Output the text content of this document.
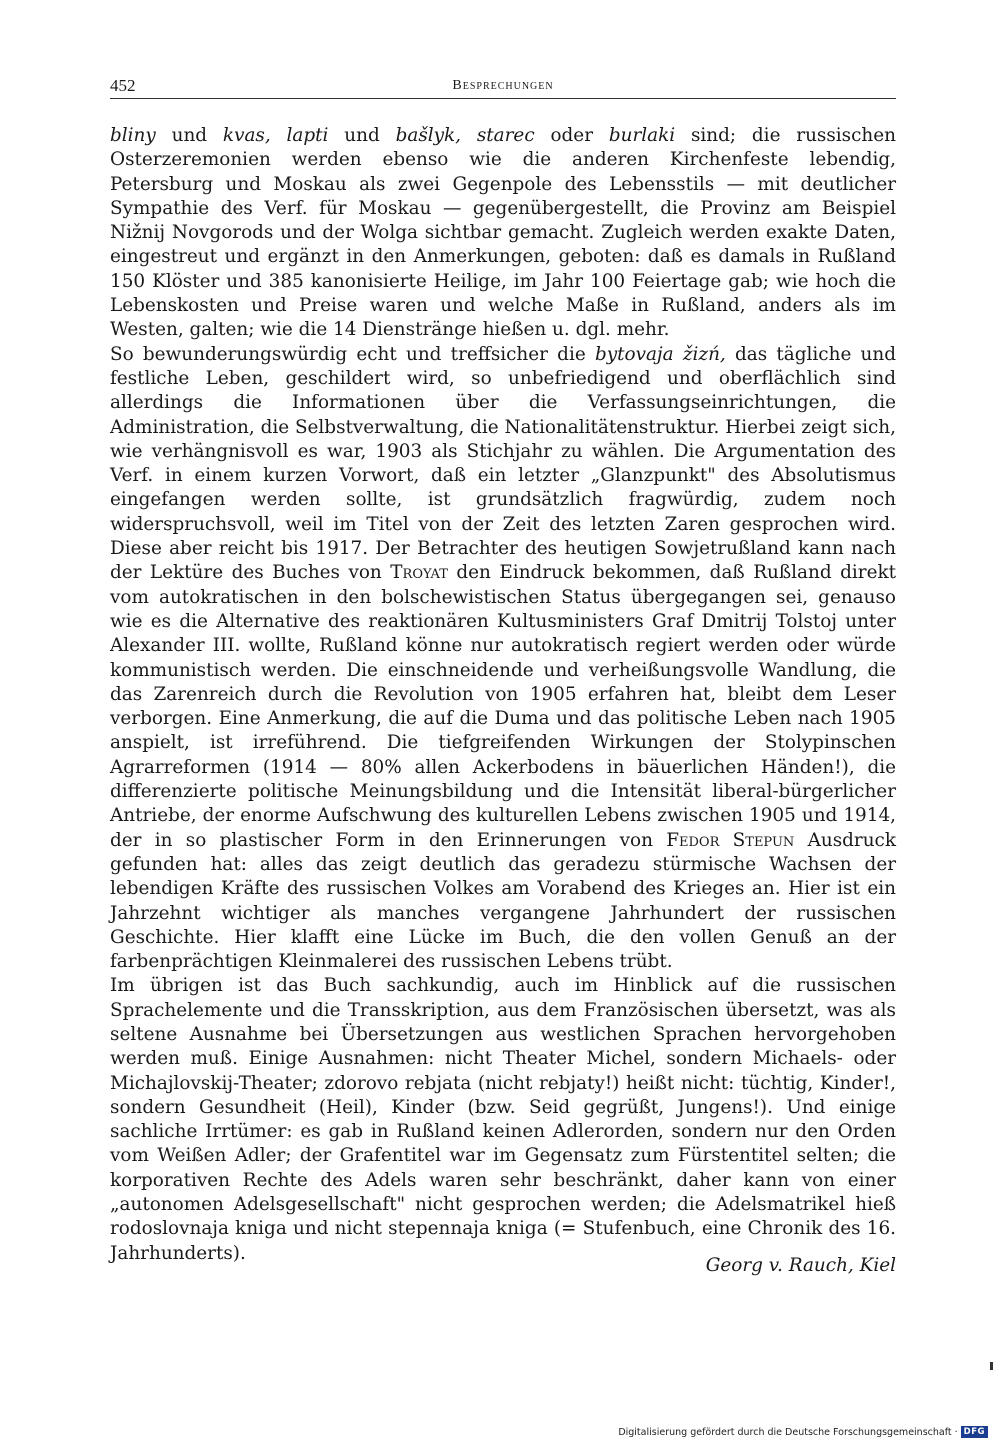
452	Besprechungen

bliny und kvas, lapti und bašlyk, starec oder burlaki sind; die russischen Osterzeremonien werden ebenso wie die anderen Kirchenfeste lebendig, Petersburg und Moskau als zwei Gegenpole des Lebensstils — mit deutlicher Sympathie des Verf. für Moskau — gegenübergestellt, die Provinz am Beispiel Nižnij Novgorods und der Wolga sichtbar gemacht. Zugleich werden exakte Daten, eingestreut und ergänzt in den Anmerkungen, geboten: daß es damals in Rußland 150 Klöster und 385 kanonisierte Heilige, im Jahr 100 Feiertage gab; wie hoch die Lebenskosten und Preise waren und welche Maße in Rußland, anders als im Westen, galten; wie die 14 Dienstränge hießen u. dgl. mehr.

So bewunderungswürdig echt und treffsicher die bytovaja žizń, das tägliche und festliche Leben, geschildert wird, so unbefriedigend und oberflächlich sind allerdings die Informationen über die Verfassungseinrichtungen, die Administration, die Selbstverwaltung, die Nationalitätenstruktur. Hierbei zeigt sich, wie verhängnisvoll es war, 1903 als Stichjahr zu wählen. Die Argumentation des Verf. in einem kurzen Vorwort, daß ein letzter „Glanzpunkt" des Absolutismus eingefangen werden sollte, ist grundsätzlich fragwürdig, zudem noch widerspruchsvoll, weil im Titel von der Zeit des letzten Zaren gesprochen wird. Diese aber reicht bis 1917. Der Betrachter des heutigen Sowjetrußland kann nach der Lektüre des Buches von Troyat den Eindruck bekommen, daß Rußland direkt vom autokratischen in den bolschewistischen Status übergegangen sei, genauso wie es die Alternative des reaktionären Kultusministers Graf Dmitrij Tolstoj unter Alexander III. wollte, Rußland könne nur autokratisch regiert werden oder würde kommunistisch werden. Die einschneidende und verheißungsvolle Wandlung, die das Zarenreich durch die Revolution von 1905 erfahren hat, bleibt dem Leser verborgen. Eine Anmerkung, die auf die Duma und das politische Leben nach 1905 anspielt, ist irreführend. Die tiefgreifenden Wirkungen der Stolypinschen Agrarreformen (1914 — 80% allen Ackerbodens in bäuerlichen Händen!), die differenzierte politische Meinungsbildung und die Intensität liberal-bürgerlicher Antriebe, der enorme Aufschwung des kulturellen Lebens zwischen 1905 und 1914, der in so plastischer Form in den Erinnerungen von Fedor Stepun Ausdruck gefunden hat: alles das zeigt deutlich das geradezu stürmische Wachsen der lebendigen Kräfte des russischen Volkes am Vorabend des Krieges an. Hier ist ein Jahrzehnt wichtiger als manches vergangene Jahrhundert der russischen Geschichte. Hier klafft eine Lücke im Buch, die den vollen Genuß an der farbenprächtigen Kleinmalerei des russischen Lebens trübt.

Im übrigen ist das Buch sachkundig, auch im Hinblick auf die russischen Sprachelemente und die Transskription, aus dem Französischen übersetzt, was als seltene Ausnahme bei Übersetzungen aus westlichen Sprachen hervorgehoben werden muß. Einige Ausnahmen: nicht Theater Michel, sondern Michaels- oder Michajlovskij-Theater; zdorovo rebjata (nicht rebjaty!) heißt nicht: tüchtig, Kinder!, sondern Gesundheit (Heil), Kinder (bzw. Seid gegrüßt, Jungens!). Und einige sachliche Irrtümer: es gab in Rußland keinen Adlerorden, sondern nur den Orden vom Weißen Adler; der Grafentitel war im Gegensatz zum Fürstentitel selten; die korporativen Rechte des Adels waren sehr beschränkt, daher kann von einer „autonomen Adelsgesellschaft" nicht gesprochen werden; die Adelsmatrikel hieß rodoslovnaja kniga und nicht stepennaja kniga (= Stufenbuch, eine Chronik des 16. Jahrhunderts).

Georg v. Rauch, Kiel
Digitalisierung gefördert durch die Deutsche Forschungsgemeinschaft · DFG
